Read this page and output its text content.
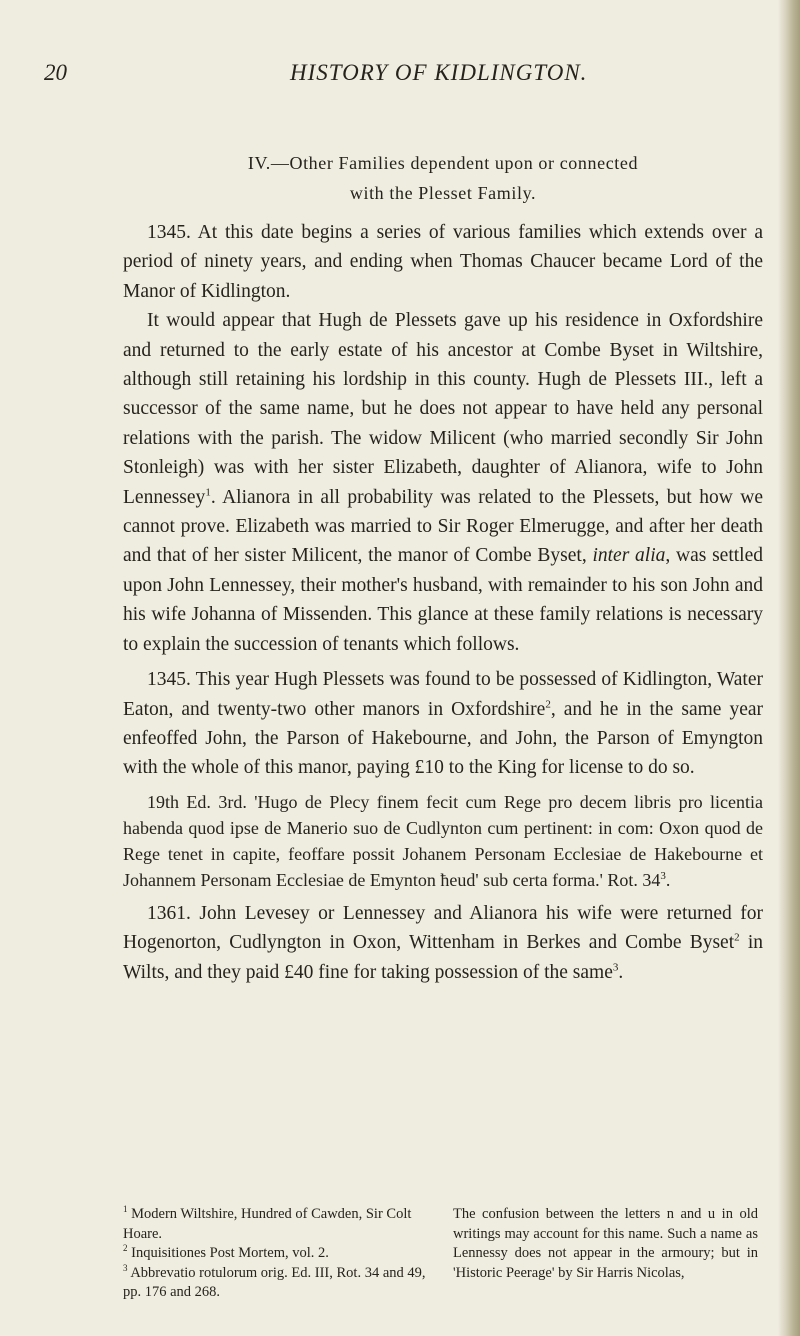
20	HISTORY OF KIDLINGTON.
IV.—Other Families dependent upon or connected
with the Plesset Family.

1345. At this date begins a series of various families which extends over a period of ninety years, and ending when Thomas Chaucer became Lord of the Manor of Kidlington.

It would appear that Hugh de Plessets gave up his residence in Oxfordshire and returned to the early estate of his ancestor at Combe Byset in Wiltshire, although still retaining his lordship in this county. Hugh de Plessets III., left a successor of the same name, but he does not appear to have held any personal relations with the parish. The widow Milicent (who married secondly Sir John Stonleigh) was with her sister Elizabeth, daughter of Alianora, wife to John Lennessey$^1$. Alianora in all probability was related to the Plessets, but how we cannot prove. Elizabeth was married to Sir Roger Elmerugge, and after her death and that of her sister Milicent, the manor of Combe Byset, inter alia, was settled upon John Lennessey, their mother's husband, with remainder to his son John and his wife Johanna of Missenden. This glance at these family relations is necessary to explain the succession of tenants which follows.

1345. This year Hugh Plessets was found to be possessed of Kidlington, Water Eaton, and twenty-two other manors in Oxfordshire$^2$, and he in the same year enfeoffed John, the Parson of Hakebourne, and John, the Parson of Emyngton with the whole of this manor, paying £10 to the King for license to do so.

19th Ed. 3rd. 'Hugo de Plecy finem fecit cum Rege pro decem libris pro licentia habenda quod ipse de Manerio suo de Cudlynton cum pertinent: in com: Oxon quod de Rege tenet in capite, feoffare possit Johanem Personam Ecclesiae de Hakebourne et Johannem Personam Ecclesiae de Emynton ħeud' sub certa forma.' Rot. $34^3$.

1361. John Levesey or Lennessey and Alianora his wife were returned for Hogenorton, Cudlyngton in Oxon, Wittenham in Berkes and Combe Byset$^2$ in Wilts, and they paid £40 fine for taking possession of the same$^3$.

$^1$ Modern Wiltshire, Hundred of Cawden, Sir Colt Hoare.

$^2$ Inquisitiones Post Mortem, vol. 2.

$^3$ Abbrevatio rotulorum orig. Ed. III, Rot. 34 and 49, pp. 176 and 268.

The confusion between the letters n and u in old writings may account for this name. Such a name as Lennessy does not appear in the armoury; but in 'Historic Peerage' by Sir Harris Nicolas,
